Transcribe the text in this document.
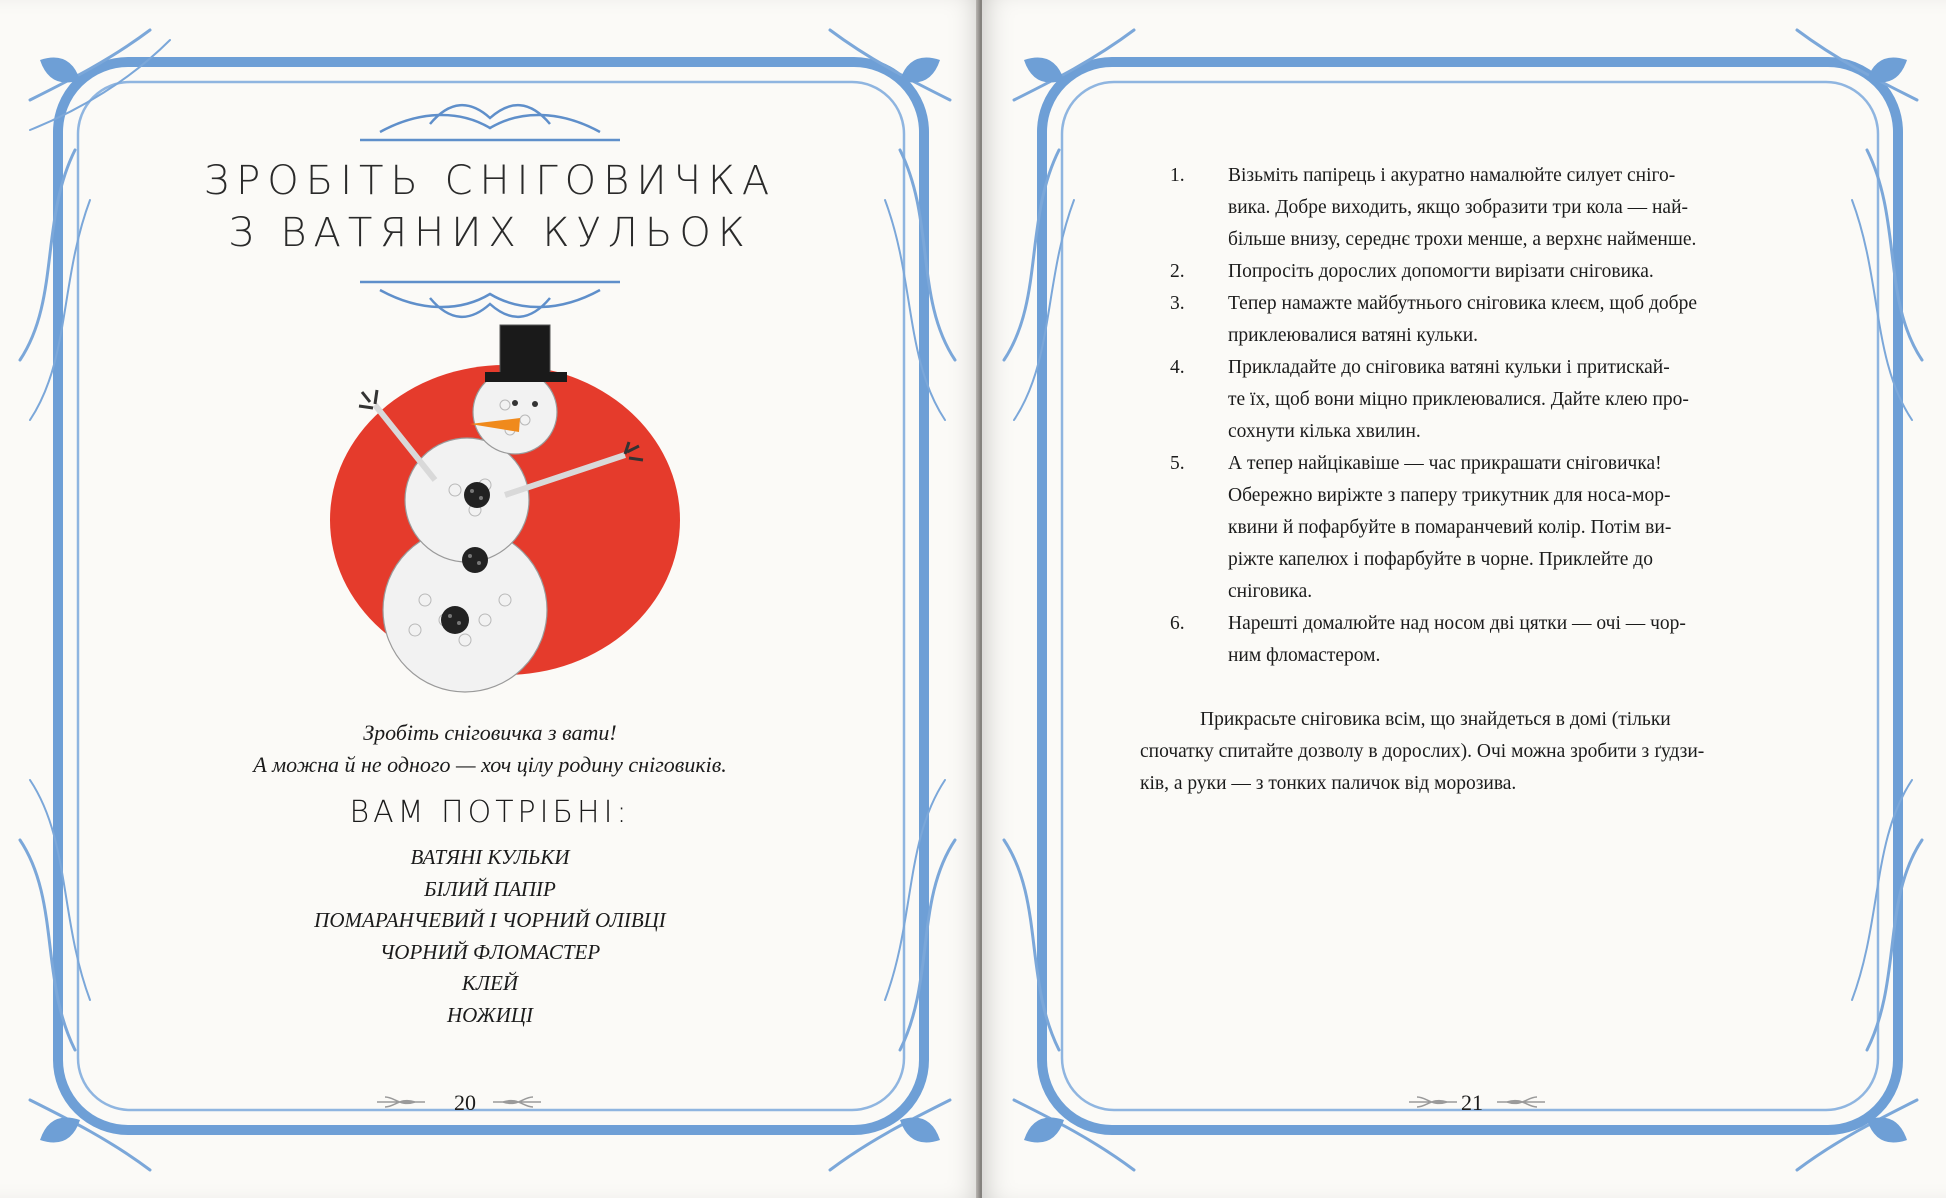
ЗРОБІТЬ СНІГОВИЧКА
З ВАТЯНИХ КУЛЬОК
Зробіть сніговичка з вати!
А можна й не одного — хоч цілу родину сніговиків.
ВАМ ПОТРІБНІ:
ВАТЯНІ КУЛЬКИ
БІЛИЙ ПАПІР
ПОМАРАНЧЕВИЙ І ЧОРНИЙ ОЛІВЦІ
ЧОРНИЙ ФЛОМАСТЕР
КЛЕЙ
НОЖИЦІ
20	21
1.	Візьміть папірець і акуратно намалюйте силует сніго-
вика. Добре виходить, якщо зобразити три кола — най-
більше внизу, середнє трохи менше, а верхнє найменше.
2.	Попросіть дорослих допомогти вирізати сніговика.
3.	Тепер намажте майбутнього сніговика клеєм, щоб добре
приклеювалися ватяні кульки.
4.	Прикладайте до сніговика ватяні кульки і притискай-
те їх, щоб вони міцно приклеювалися. Дайте клею про-
сохнути кілька хвилин.
5.	А тепер найцікавіше — час прикрашати сніговичка!
Обережно виріжте з паперу трикутник для носа-мор-
квини й пофарбуйте в помаранчевий колір. Потім ви-
ріжте капелюх і пофарбуйте в чорне. Приклейте до
сніговика.
6.	Нарешті домалюйте над носом дві цятки — очі — чор-
ним фломастером.
Прикрасьте сніговика всім, що знайдеться в домі (тільки
спочатку спитайте дозволу в дорослих). Очі можна зробити з ґудзи-
ків, а руки — з тонких паличок від морозива.
